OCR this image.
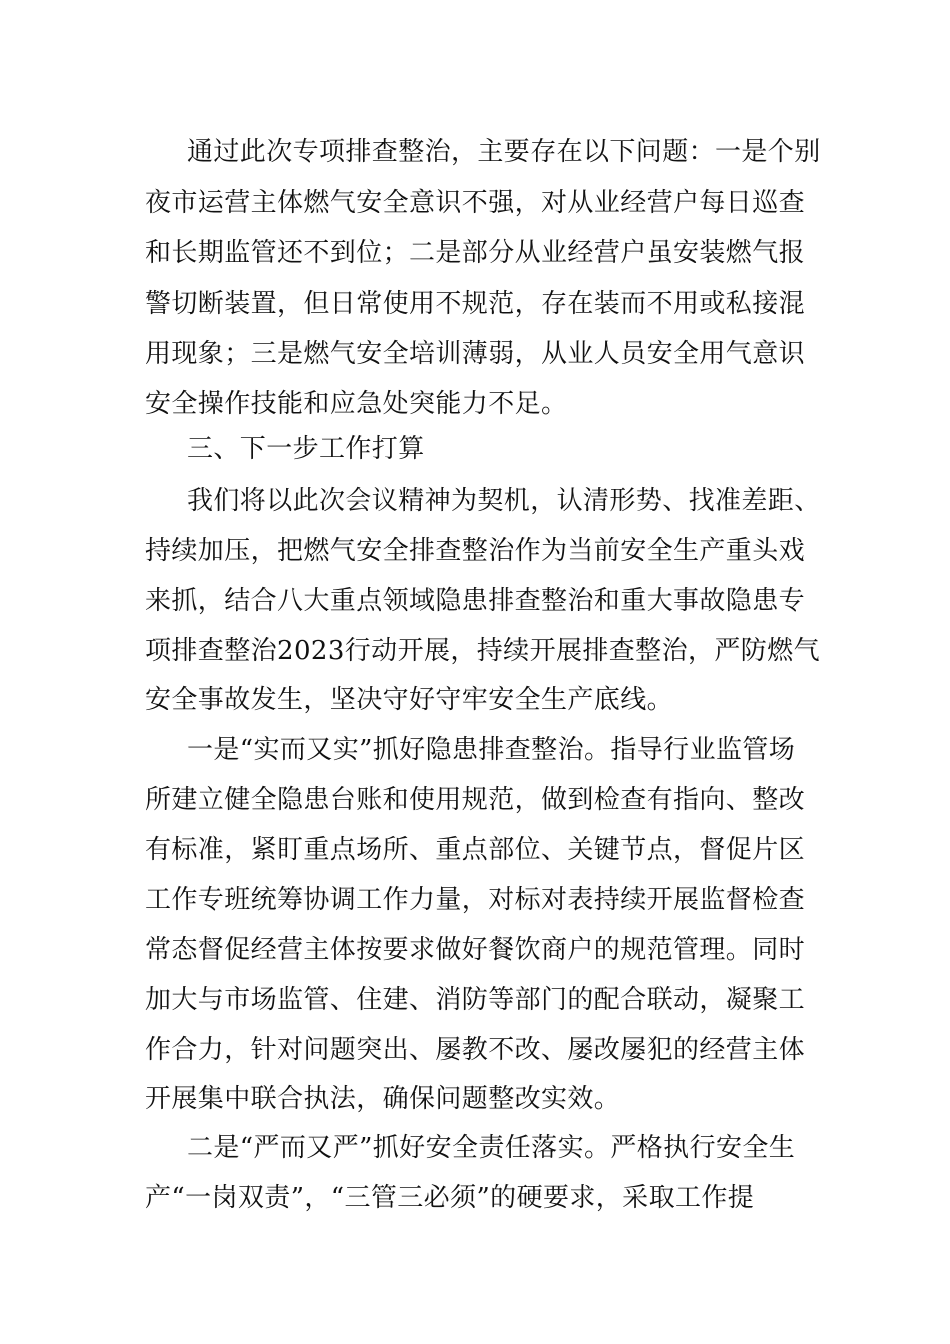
通过此次专项排查整治，主要存在以下问题：一是个别
夜市运营主体燃气安全意识不强，对从业经营户每日巡查
和长期监管还不到位；二是部分从业经营户虽安装燃气报
警切断装置，但日常使用不规范，存在装而不用或私接混
用现象；三是燃气安全培训薄弱，从业人员安全用气意识
安全操作技能和应急处突能力不足。
三、下一步工作打算
我们将以此次会议精神为契机，认清形势、找准差距、
持续加压，把燃气安全排查整治作为当前安全生产重头戏
来抓，结合八大重点领域隐患排查整治和重大事故隐患专
项排查整治2023行动开展，持续开展排查整治，严防燃气
安全事故发生，坚决守好守牢安全生产底线。
一是“实而又实”抓好隐患排查整治。指导行业监管场
所建立健全隐患台账和使用规范，做到检查有指向、整改
有标准，紧盯重点场所、重点部位、关键节点，督促片区
工作专班统筹协调工作力量，对标对表持续开展监督检查
常态督促经营主体按要求做好餐饮商户的规范管理。同时
加大与市场监管、住建、消防等部门的配合联动，凝聚工
作合力，针对问题突出、屡教不改、屡改屡犯的经营主体
开展集中联合执法，确保问题整改实效。
二是“严而又严”抓好安全责任落实。严格执行安全生
产“一岗双责”，“三管三必须”的硬要求，采取工作提
